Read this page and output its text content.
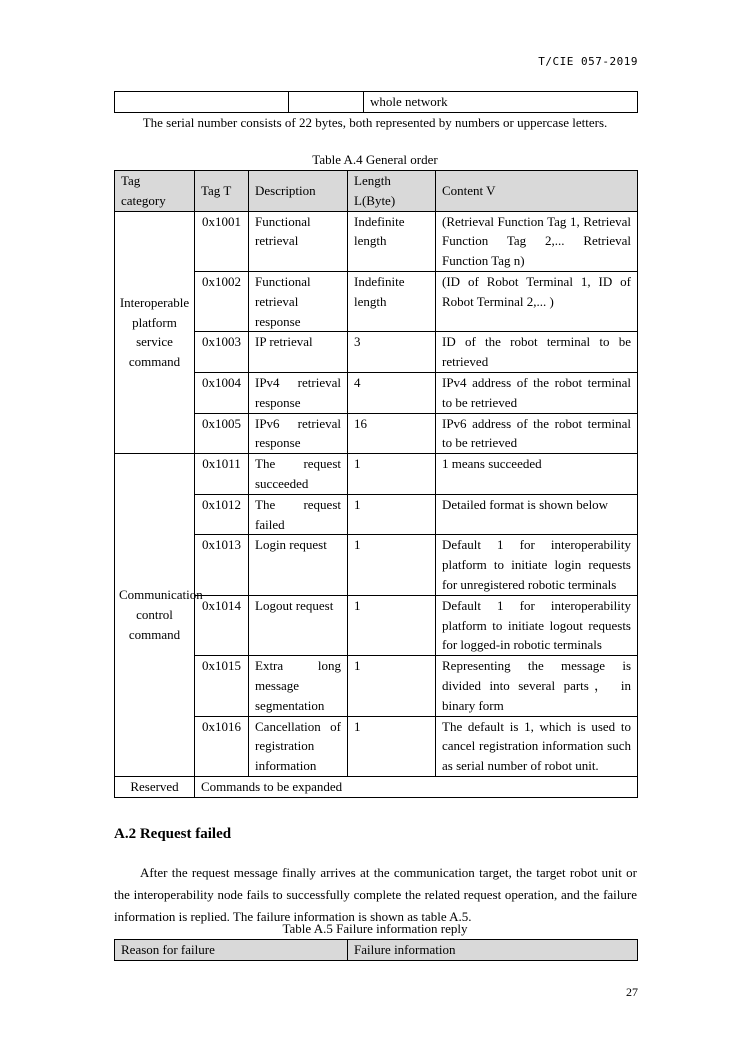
T/CIE 057-2019
		whole network
The serial number consists of 22 bytes, both represented by numbers or uppercase letters.
Table A.4 General order
Tag category	Tag T	Description	Length L(Byte)	Content V
Interoperable platform service command	0x1001	Functional retrieval	Indefinite length	(Retrieval Function Tag 1, Retrieval Function Tag 2,... Retrieval Function Tag n)
	0x1002	Functional retrieval response	Indefinite length	(ID of Robot Terminal 1, ID of Robot Terminal 2,... )
	0x1003	IP retrieval	3	ID of the robot terminal to be retrieved
	0x1004	IPv4 retrieval response	4	IPv4 address of the robot terminal to be retrieved
	0x1005	IPv6 retrieval response	16	IPv6 address of the robot terminal to be retrieved
Communication control command	0x1011	The request succeeded	1	1 means succeeded
	0x1012	The request failed	1	Detailed format is shown below
	0x1013	Login request	1	Default 1 for interoperability platform to initiate login requests for unregistered robotic terminals
	0x1014	Logout request	1	Default 1 for interoperability platform to initiate logout requests for logged-in robotic terminals
	0x1015	Extra long message segmentation	1	Representing the message is divided into several parts， in binary form
	0x1016	Cancellation of registration information	1	The default is 1, which is used to cancel registration information such as serial number of robot unit.
Reserved	Commands to be expanded			
A.2 Request failed
After the request message finally arrives at the communication target, the target robot unit or the interoperability node fails to successfully complete the related request operation, and the failure information is replied. The failure information is shown as table A.5.
Table A.5 Failure information reply
Reason for failure	Failure information
27
